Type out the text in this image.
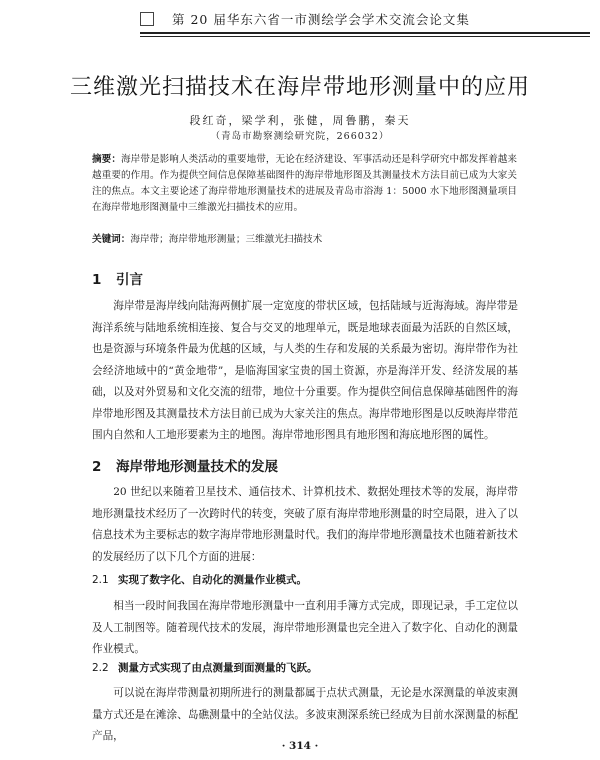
第 20 届华东六省一市测绘学会学术交流会论文集
三维激光扫描技术在海岸带地形测量中的应用
段红奇，梁学利，张健，周鲁鹏，秦天
（青岛市勘察测绘研究院，266032）
摘要：海岸带是影响人类活动的重要地带，无论在经济建设、军事活动还是科学研究中都发挥着越来越重要的作用。作为提供空间信息保障基础图件的海岸带地形图及其测量技术方法目前已成为大家关注的焦点。本文主要论述了海岸带地形测量技术的进展及青岛市浴海 1：5000 水下地形图测量项目在海岸带地形图测量中三维激光扫描技术的应用。
关键词：海岸带；海岸带地形测量；三维激光扫描技术
1 引言
海岸带是海岸线向陆海两侧扩展一定宽度的带状区域，包括陆域与近海海域。海岸带是海洋系统与陆地系统相连接、复合与交叉的地理单元，既是地球表面最为活跃的自然区域，也是资源与环境条件最为优越的区域，与人类的生存和发展的关系最为密切。海岸带作为社会经济地域中的“黄金地带”，是临海国家宝贵的国土资源，亦是海洋开发、经济发展的基础，以及对外贸易和文化交流的纽带，地位十分重要。作为提供空间信息保障基础图件的海岸带地形图及其测量技术方法目前已成为大家关注的焦点。海岸带地形图是以反映海岸带范围内自然和人工地形要素为主的地图。海岸带地形图具有地形图和海底地形图的属性。
2 海岸带地形测量技术的发展
20 世纪以来随着卫星技术、通信技术、计算机技术、数据处理技术等的发展，海岸带地形测量技术经历了一次跨时代的转变，突破了原有海岸带地形测量的时空局限，进入了以信息技术为主要标志的数字海岸带地形测量时代。我们的海岸带地形测量技术也随着新技术的发展经历了以下几个方面的进展：
2.1 实现了数字化、自动化的测量作业模式。
相当一段时间我国在海岸带地形测量中一直利用手簿方式完成，即现记录，手工定位以及人工制图等。随着现代技术的发展，海岸带地形测量也完全进入了数字化、自动化的测量作业模式。
2.2 测量方式实现了由点测量到面测量的飞跃。
可以说在海岸带测量初期所进行的测量都属于点状式测量，无论是水深测量的单波束测量方式还是在滩涂、岛礁测量中的全站仪法。多波束测深系统已经成为目前水深测量的标配产品，
· 314 ·
